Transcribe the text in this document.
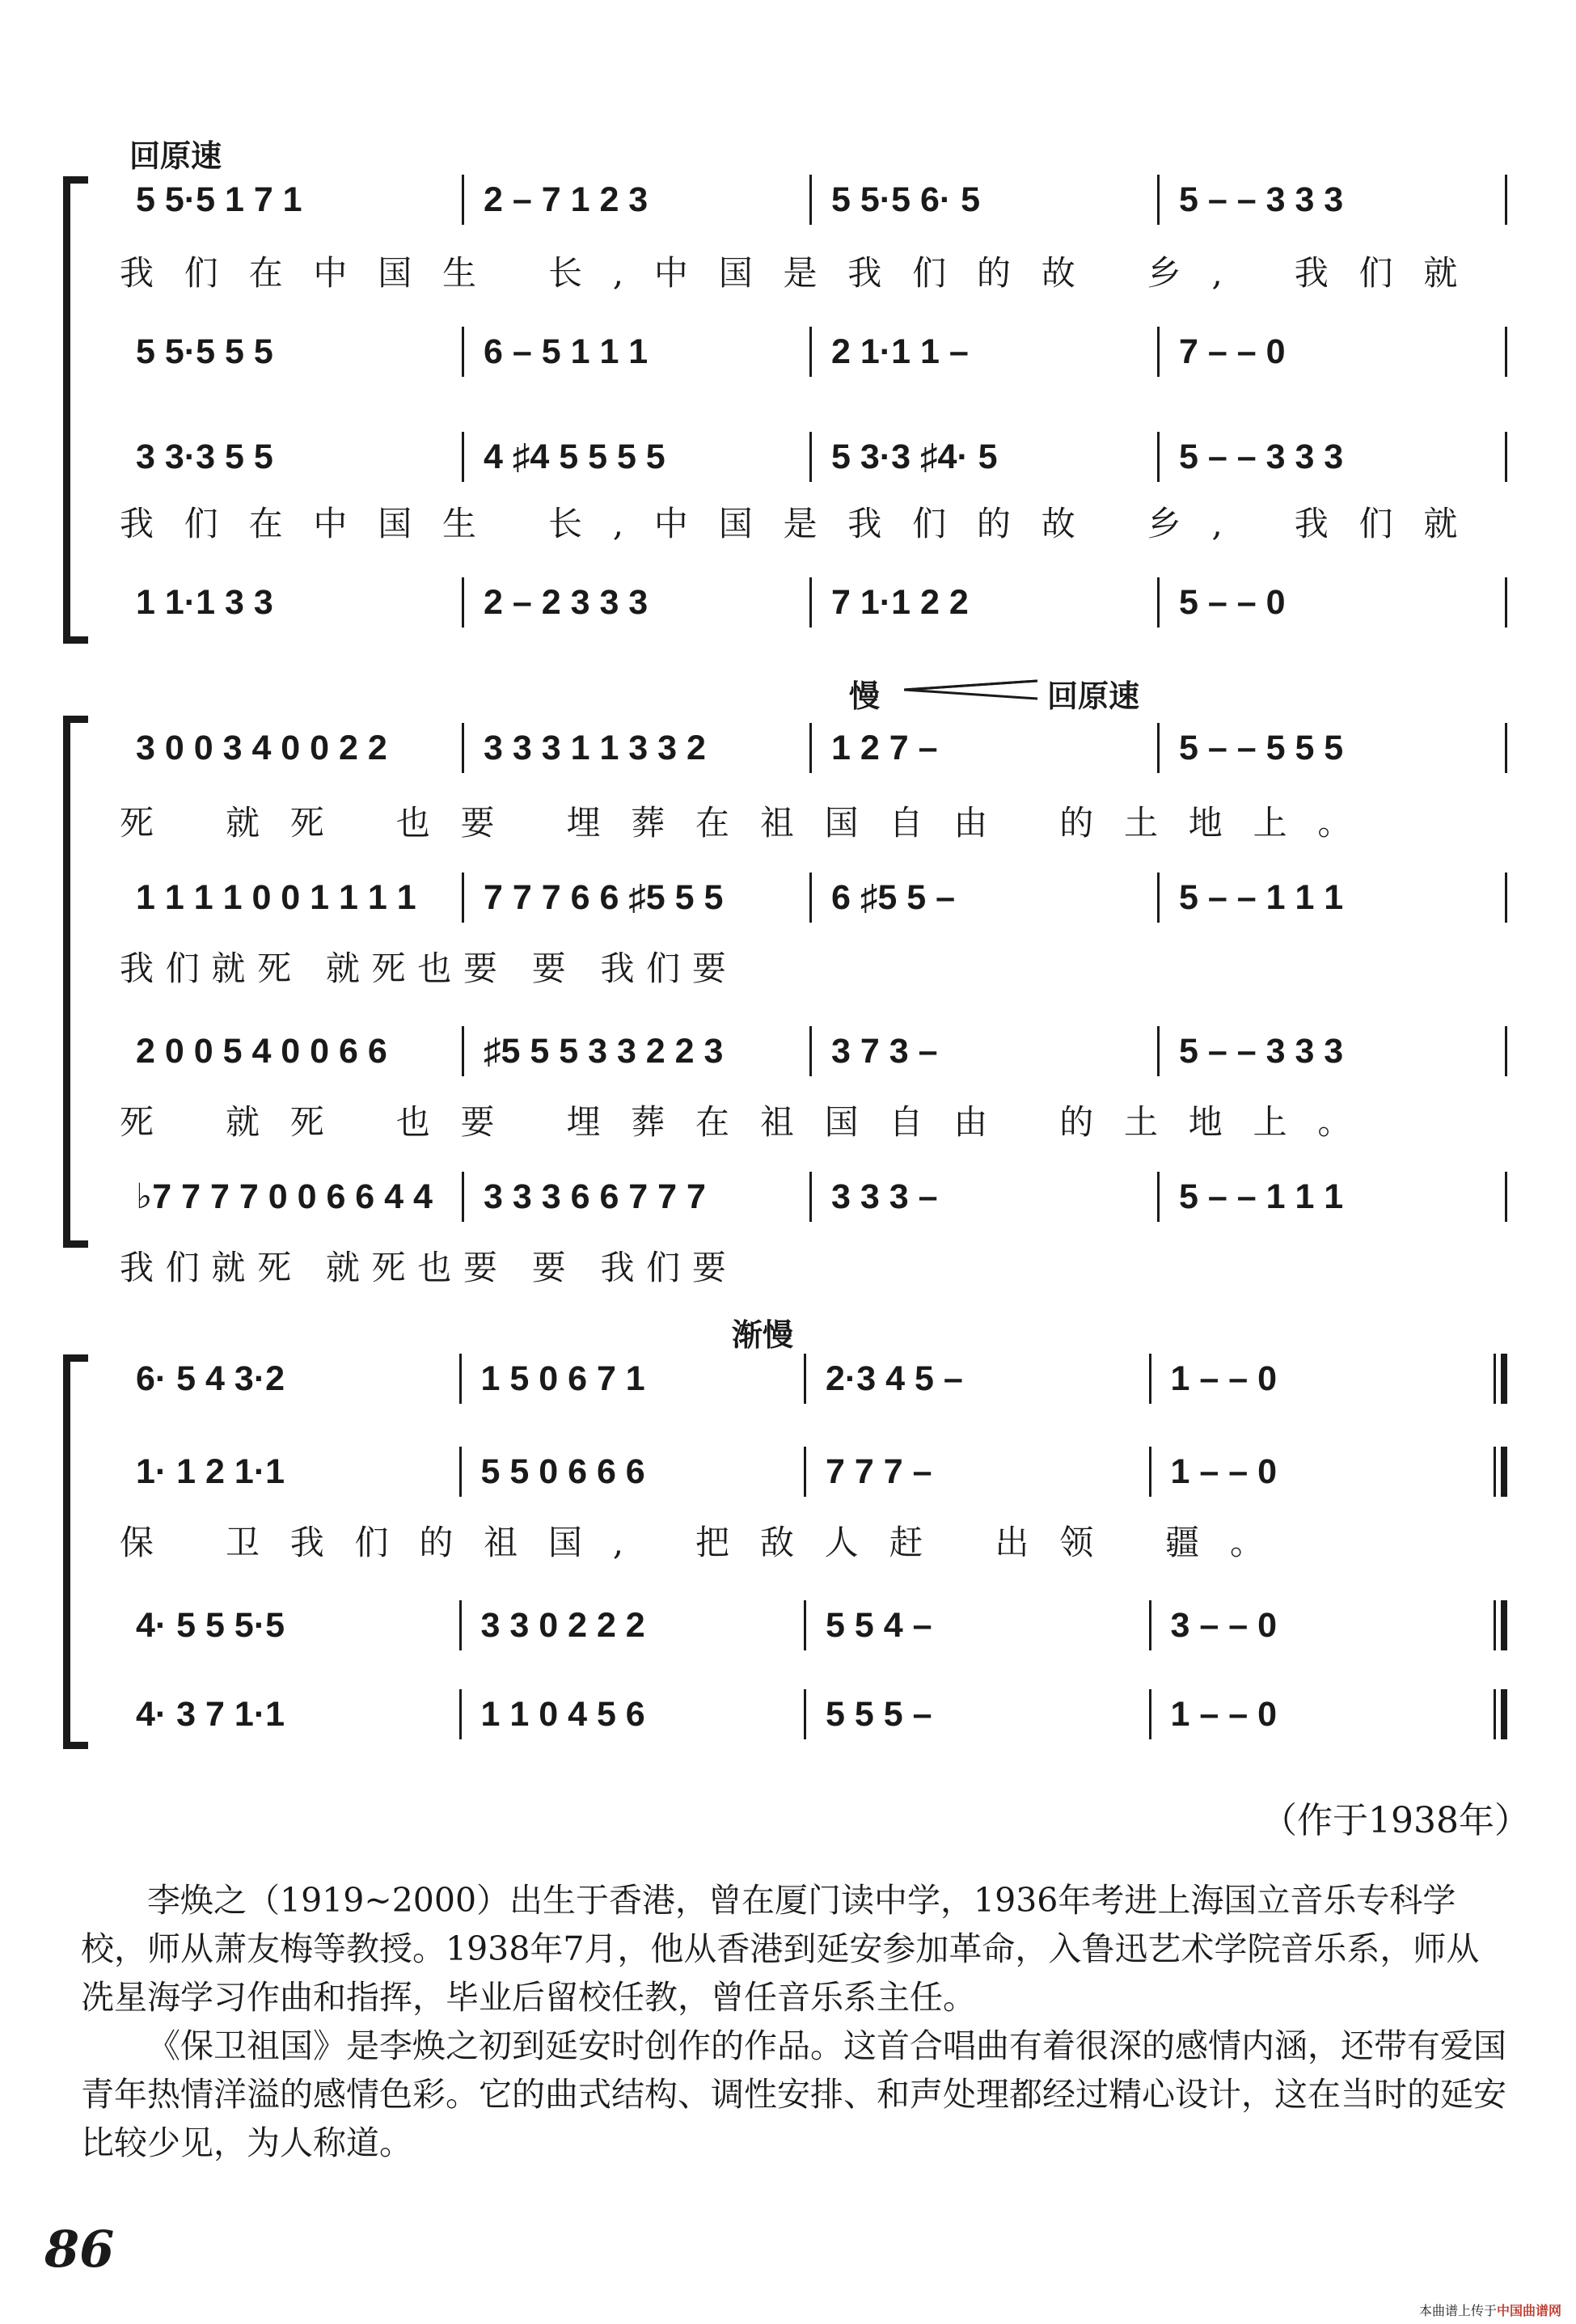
回原速
5 5·5 1 7 1	2 – 7 1 2 3	5 5·5 6· 5	5 – – 3 3 3
我们在中国生 长,中国是我们的故 乡, 我们就
5 5·5 5 5	6 – 5 1 1 1	2 1·1 1 –	7 – – 0
3 3·3 5 5	4 ♯4 5 5 5 5	5 3·3 ♯4· 5	5 – – 3 3 3
我们在中国生 长,中国是我们的故 乡, 我们就
1 1·1 3 3	2 – 2 3 3 3	7 1·1 2 2	5 – – 0
慢	回原速
3 0 0 3 4 0 0 2 2	3 3 3 1 1 3 3 2	1 2 7 –	5 – – 5 5 5
死 就死 也要 埋葬在祖国自由 的土地上。
1 1 1 1 0 0 1 1 1 1	7 7 7 6 6 ♯5 5 5	6 ♯5 5 –	5 – – 1 1 1
我们就死 就死也要 要 我们要
2 0 0 5 4 0 0 6 6	♯5 5 5 3 3 2 2 3	3 7 3 –	5 – – 3 3 3
死 就死 也要 埋葬在祖国自由 的土地上。
♭7 7 7 7 0 0 6 6 4 4	3 3 3 6 6 7 7 7	3 3 3 –	5 – – 1 1 1
我们就死 就死也要 要 我们要
渐慢
6· 5 4 3·2	1 5 0 6 7 1	2·3 4 5 –	1 – – 0
1· 1 2 1·1	5 5 0 6 6 6	7 7 7 –	1 – – 0
保 卫我们的祖国, 把敌人赶 出领 疆。
4· 5 5 5·5	3 3 0 2 2 2	5 5 4 –	3 – – 0
4· 3 7 1·1	1 1 0 4 5 6	5 5 5 –	1 – – 0
（作于1938年）

李焕之（1919~2000）出生于香港，曾在厦门读中学，1936年考进上海国立音乐专科学校，师从萧友梅等教授。1938年7月，他从香港到延安参加革命，入鲁迅艺术学院音乐系，师从冼星海学习作曲和指挥，毕业后留校任教，曾任音乐系主任。

《保卫祖国》是李焕之初到延安时创作的作品。这首合唱曲有着很深的感情内涵，还带有爱国青年热情洋溢的感情色彩。它的曲式结构、调性安排、和声处理都经过精心设计，这在当时的延安比较少见，为人称道。

86
本曲谱上传于中国曲谱网
